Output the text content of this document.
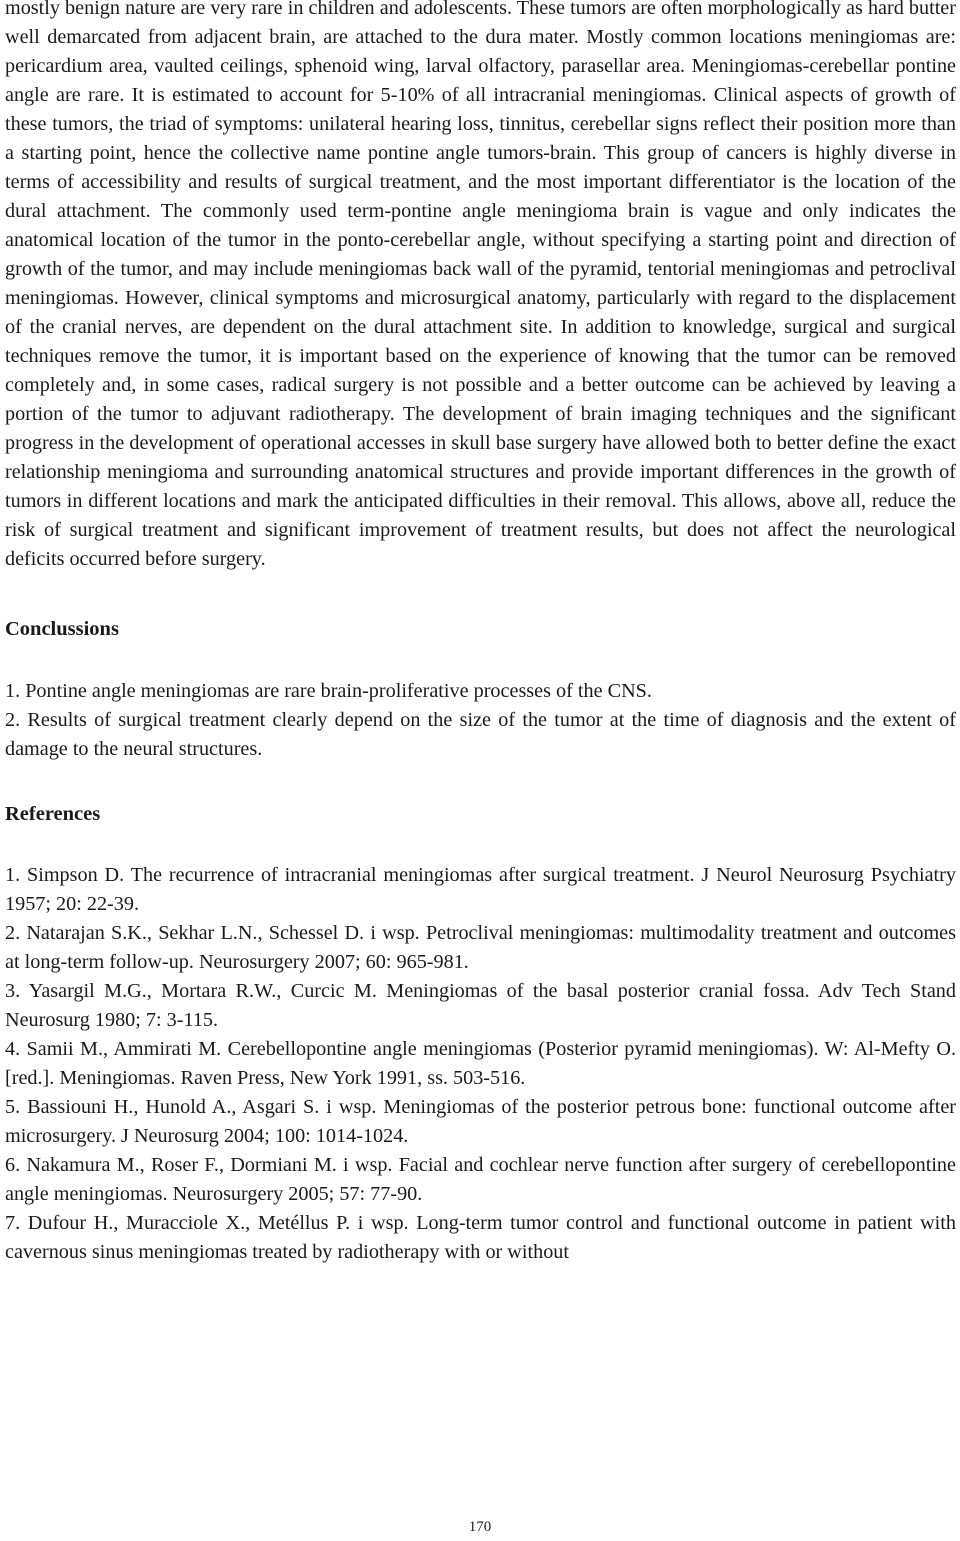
mostly benign nature are very rare in children and adolescents. These tumors are often morphologically as hard butter well demarcated from adjacent brain, are attached to the dura mater. Mostly common locations meningiomas are: pericardium area, vaulted ceilings, sphenoid wing, larval olfactory, parasellar area. Meningiomas-cerebellar pontine angle are rare. It is estimated to account for 5-10% of all intracranial meningiomas. Clinical aspects of growth of these tumors, the triad of symptoms: unilateral hearing loss, tinnitus, cerebellar signs reflect their position more than a starting point, hence the collective name pontine angle tumors-brain. This group of cancers is highly diverse in terms of accessibility and results of surgical treatment, and the most important differentiator is the location of the dural attachment. The commonly used term-pontine angle meningioma brain is vague and only indicates the anatomical location of the tumor in the ponto-cerebellar angle, without specifying a starting point and direction of growth of the tumor, and may include meningiomas back wall of the pyramid, tentorial meningiomas and petroclival meningiomas. However, clinical symptoms and microsurgical anatomy, particularly with regard to the displacement of the cranial nerves, are dependent on the dural attachment site. In addition to knowledge, surgical and surgical techniques remove the tumor, it is important based on the experience of knowing that the tumor can be removed completely and, in some cases, radical surgery is not possible and a better outcome can be achieved by leaving a portion of the tumor to adjuvant radiotherapy. The development of brain imaging techniques and the significant progress in the development of operational accesses in skull base surgery have allowed both to better define the exact relationship meningioma and surrounding anatomical structures and provide important differences in the growth of tumors in different locations and mark the anticipated difficulties in their removal. This allows, above all, reduce the risk of surgical treatment and significant improvement of treatment results, but does not affect the neurological deficits occurred before surgery.

Conclussions
1. Pontine angle meningiomas are rare brain-proliferative processes of the CNS.
2. Results of surgical treatment clearly depend on the size of the tumor at the time of diagnosis and the extent of damage to the neural structures.
References
1. Simpson D. The recurrence of intracranial meningiomas after surgical treatment. J Neurol Neurosurg Psychiatry 1957; 20: 22-39.
2. Natarajan S.K., Sekhar L.N., Schessel D. i wsp. Petroclival meningiomas: multimodality treatment and outcomes at long-term follow-up. Neurosurgery 2007; 60: 965-981.
3. Yasargil M.G., Mortara R.W., Curcic M. Meningiomas of the basal posterior cranial fossa. Adv Tech Stand Neurosurg 1980; 7: 3-115.
4. Samii M., Ammirati M. Cerebellopontine angle meningiomas (Posterior pyramid meningiomas). W: Al-Mefty O. [red.]. Meningiomas. Raven Press, New York 1991, ss. 503-516.
5. Bassiouni H., Hunold A., Asgari S. i wsp. Meningiomas of the posterior petrous bone: functional outcome after microsurgery. J Neurosurg 2004; 100: 1014-1024.
6. Nakamura M., Roser F., Dormiani M. i wsp. Facial and cochlear nerve function after surgery of cerebellopontine angle meningiomas. Neurosurgery 2005; 57: 77-90.
7. Dufour H., Muracciole X., Metéllus P. i wsp. Long-term tumor control and functional outcome in patient with cavernous sinus meningiomas treated by radiotherapy with or without
170
